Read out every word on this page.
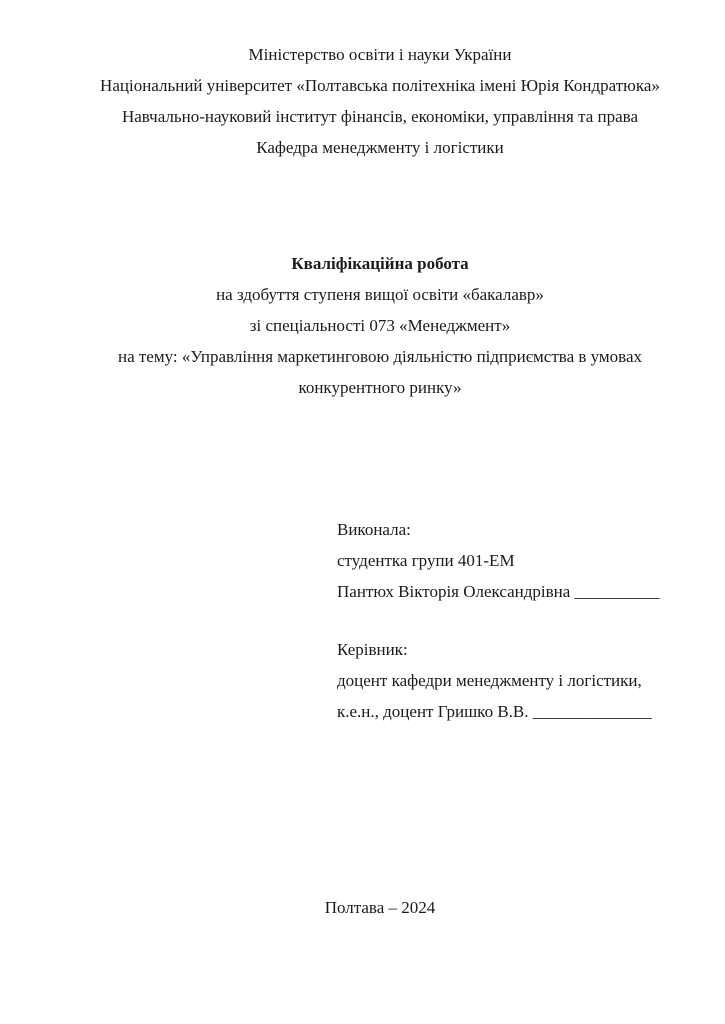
Міністерство освіти і науки України
Національний університет «Полтавська політехніка імені Юрія Кондратюка»
Навчально-науковий інститут фінансів, економіки, управління та права
Кафедра менеджменту і логістики
Кваліфікаційна робота
на здобуття ступеня вищої освіти «бакалавр»
зі спеціальності 073 «Менеджмент»
на тему: «Управління маркетинговою діяльністю підприємства в умовах
конкурентного ринку»
Виконала:
студентка групи 401-ЕМ
Пантюх Вікторія Олександрівна __________
Керівник:
доцент кафедри менеджменту і логістики,
к.е.н., доцент Гришко В.В. ______________
Полтава – 2024
